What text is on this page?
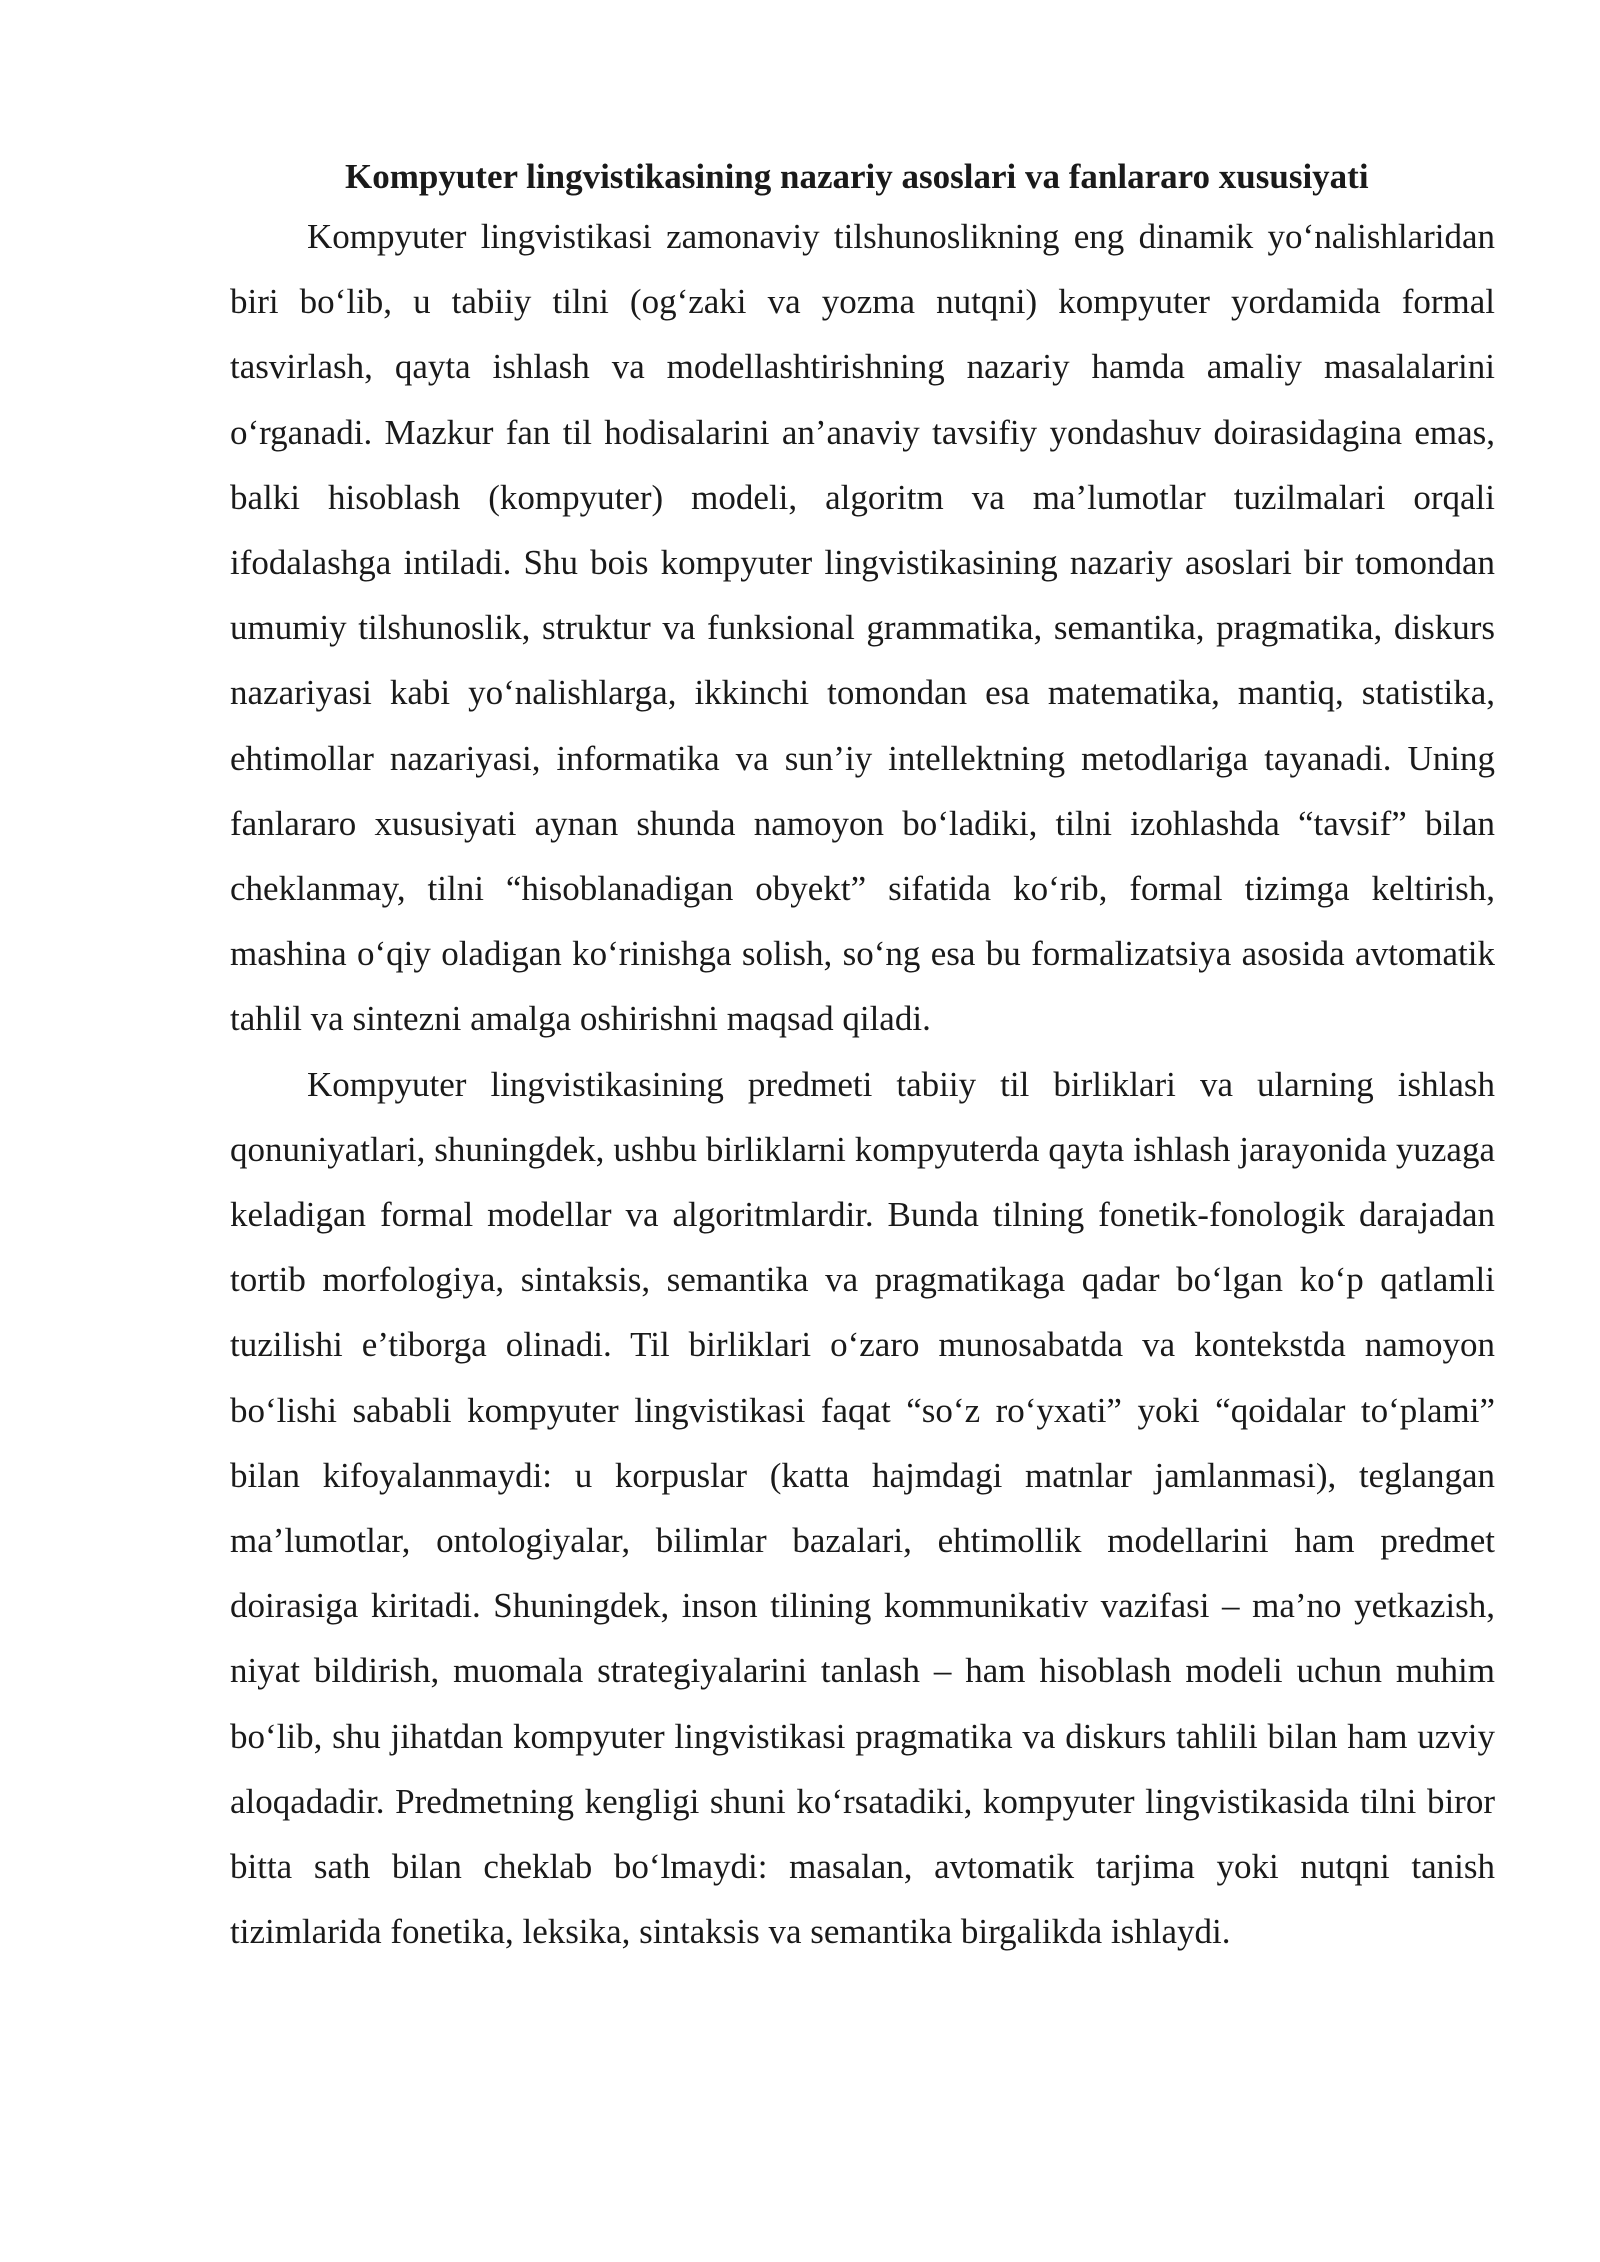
Kompyuter lingvistikasining nazariy asoslari va fanlararo xususiyati

Kompyuter lingvistikasi zamonaviy tilshunoslikning eng dinamik yo‘nalishlaridan biri bo‘lib, u tabiiy tilni (og‘zaki va yozma nutqni) kompyuter yordamida formal tasvirlash, qayta ishlash va modellashtirishning nazariy hamda amaliy masalalarini o‘rganadi. Mazkur fan til hodisalarini an’anaviy tavsifiy yondashuv doirasidagina emas, balki hisoblash (kompyuter) modeli, algoritm va ma’lumotlar tuzilmalari orqali ifodalashga intiladi. Shu bois kompyuter lingvistikasining nazariy asoslari bir tomondan umumiy tilshunoslik, struktur va funksional grammatika, semantika, pragmatika, diskurs nazariyasi kabi yo‘nalishlarga, ikkinchi tomondan esa matematika, mantiq, statistika, ehtimollar nazariyasi, informatika va sun’iy intellektning metodlariga tayanadi. Uning fanlararo xususiyati aynan shunda namoyon bo‘ladiki, tilni izohlashda “tavsif” bilan cheklanmay, tilni “hisoblanadigan obyekt” sifatida ko‘rib, formal tizimga keltirish, mashina o‘qiy oladigan ko‘rinishga solish, so‘ng esa bu formalizatsiya asosida avtomatik tahlil va sintezni amalga oshirishni maqsad qiladi.

Kompyuter lingvistikasining predmeti tabiiy til birliklari va ularning ishlash qonuniyatlari, shuningdek, ushbu birliklarni kompyuterda qayta ishlash jarayonida yuzaga keladigan formal modellar va algoritmlardir. Bunda tilning fonetik-fonologik darajadan tortib morfologiya, sintaksis, semantika va pragmatikaga qadar bo‘lgan ko‘p qatlamli tuzilishi e’tiborga olinadi. Til birliklari o‘zaro munosabatda va kontekstda namoyon bo‘lishi sababli kompyuter lingvistikasi faqat “so‘z ro‘yxati” yoki “qoidalar to‘plami” bilan kifoyalanmaydi: u korpuslar (katta hajmdagi matnlar jamlanmasi), teglangan ma’lumotlar, ontologiyalar, bilimlar bazalari, ehtimollik modellarini ham predmet doirasiga kiritadi. Shuningdek, inson tilining kommunikativ vazifasi – ma’no yetkazish, niyat bildirish, muomala strategiyalarini tanlash – ham hisoblash modeli uchun muhim bo‘lib, shu jihatdan kompyuter lingvistikasi pragmatika va diskurs tahlili bilan ham uzviy aloqadadir. Predmetning kengligi shuni ko‘rsatadiki, kompyuter lingvistikasida tilni biror bitta sath bilan cheklab bo‘lmaydi: masalan, avtomatik tarjima yoki nutqni tanish tizimlarida fonetika, leksika, sintaksis va semantika birgalikda ishlaydi.
